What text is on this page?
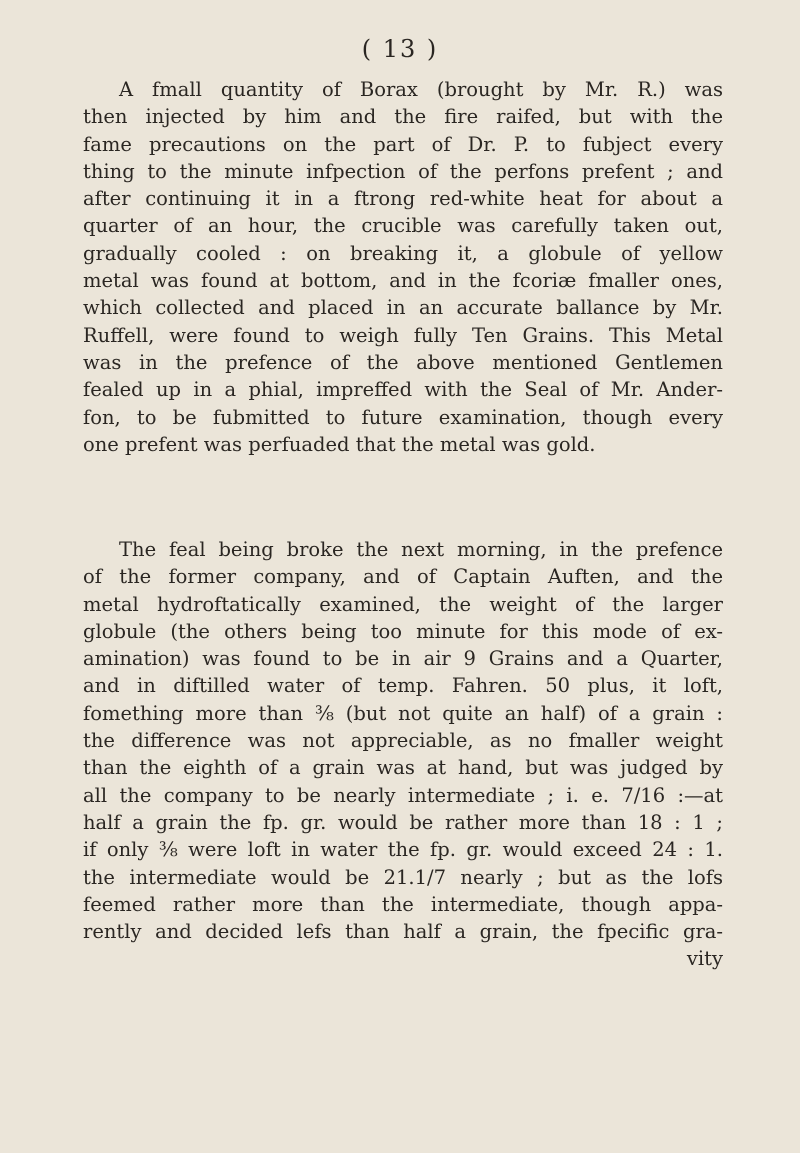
( 13 )
A fmall quantity of Borax (brought by Mr. R.) was
then injected by him and the fire raifed, but with the
fame precautions on the part of Dr. P. to fubject every
thing to the minute infpection of the perfons prefent ; and
after continuing it in a ftrong red-white heat for about a
quarter of an hour, the crucible was carefully taken out,
gradually cooled : on breaking it, a globule of yellow
metal was found at bottom, and in the fcoriæ fmaller ones,
which collected and placed in an accurate ballance by Mr.
Ruffell, were found to weigh fully Ten Grains. This Metal
was in the prefence of the above mentioned Gentlemen
fealed up in a phial, impreffed with the Seal of Mr. Ander-
fon, to be fubmitted to future examination, though every
one prefent was perfuaded that the metal was gold.
The feal being broke the next morning, in the prefence
of the former company, and of Captain Auften, and the
metal hydroftatically examined, the weight of the larger
globule (the others being too minute for this mode of ex-
amination) was found to be in air 9 Grains and a Quarter,
and in diftilled water of temp. Fahren. 50 plus, it loft,
fomething more than ⅜ (but not quite an half) of a grain :
the difference was not appreciable, as no fmaller weight
than the eighth of a grain was at hand, but was judged by
all the company to be nearly intermediate ; i. e. 7/16 :—at
half a grain the fp. gr. would be rather more than 18 : 1 ;
if only ⅜ were loft in water the fp. gr. would exceed 24 : 1.
the intermediate would be 21.1/7 nearly ; but as the lofs
feemed rather more than the intermediate, though appa-
rently and decided lefs than half a grain, the fpecific gra-
vity
